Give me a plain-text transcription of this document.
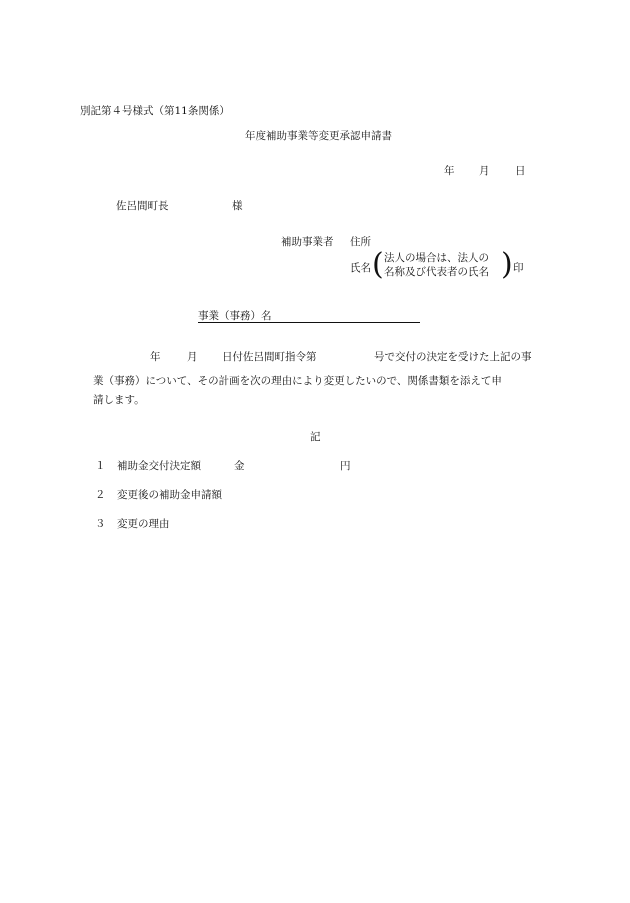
別記第４号様式（第11条関係）
年度補助事業等変更承認申請書
年 月 日
佐呂間町長	様
補助事業者 住所
氏名 ( 法人の場合は、法人の
名称及び代表者の氏名 ) 印
事業（事務）名
年	月 日付佐呂間町指令第	号で交付の決定を受けた上記の事
業（事務）について、その計画を次の理由により変更したいので、関係書類を添えて申
請します。
記
１ 補助金交付決定額	金	円
２ 変更後の補助金申請額
３ 変更の理由
